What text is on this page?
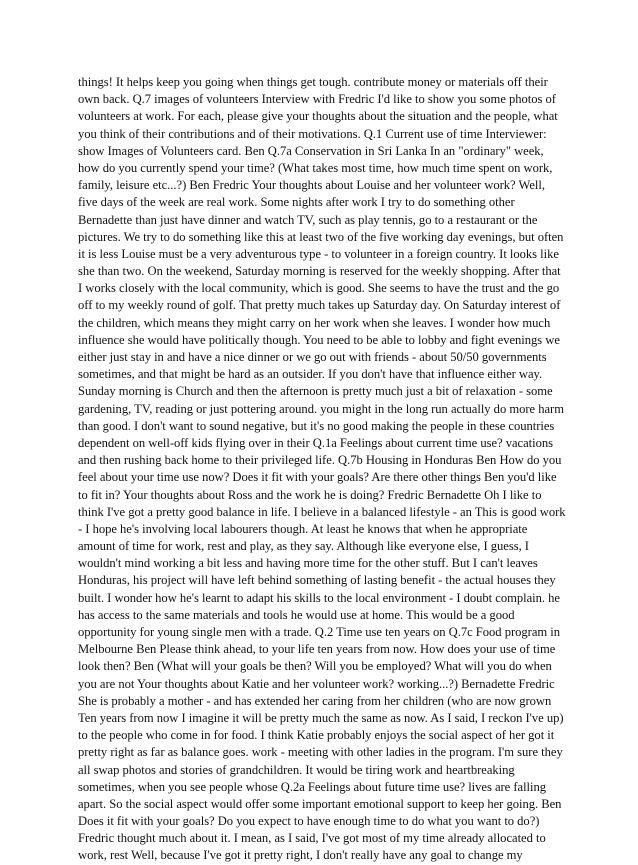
things! It helps keep you going when things get tough. contribute money or materials off their
own back. Q.7 images of volunteers Interview with Fredric I'd like to show you some photos of
volunteers at work. For each, please give your thoughts about the situation and the people, what
you think of their contributions and of their motivations. Q.1 Current use of time Interviewer:
show Images of Volunteers card. Ben Q.7a Conservation in Sri Lanka In an "ordinary" week,
how do you currently spend your time? (What takes most time, how much time spent on work,
family, leisure etc...?) Ben Fredric Your thoughts about Louise and her volunteer work? Well,
five days of the week are real work. Some nights after work I try to do something other
Bernadette than just have dinner and watch TV, such as play tennis, go to a restaurant or the
pictures. We try to do something like this at least two of the five working day evenings, but often
it is less Louise must be a very adventurous type - to volunteer in a foreign country. It looks like
she than two. On the weekend, Saturday morning is reserved for the weekly shopping. After that
I works closely with the local community, which is good. She seems to have the trust and the go
off to my weekly round of golf. That pretty much takes up Saturday day. On Saturday interest of
the children, which means they might carry on her work when she leaves. I wonder how much
influence she would have politically though. You need to be able to lobby and fight evenings we
either just stay in and have a nice dinner or we go out with friends - about 50/50 governments
sometimes, and that might be hard as an outsider. If you don't have that influence either way.
Sunday morning is Church and then the afternoon is pretty much just a bit of relaxation - some
gardening, TV, reading or just pottering around. you might in the long run actually do more harm
than good. I don't want to sound negative, but it's no good making the people in these countries
dependent on well-off kids flying over in their Q.1a Feelings about current time use? vacations
and then rushing back home to their privileged life. Q.7b Housing in Honduras Ben How do you
feel about your time use now? Does it fit with your goals? Are there other things Ben you'd like
to fit in? Your thoughts about Ross and the work he is doing? Fredric Bernadette Oh I like to
think I've got a pretty good balance in life. I believe in a balanced lifestyle - an This is good work
- I hope he's involving local labourers though. At least he knows that when he appropriate
amount of time for work, rest and play, as they say. Although like everyone else, I guess, I
wouldn't mind working a bit less and having more time for the other stuff. But I can't leaves
Honduras, his project will have left behind something of lasting benefit - the actual houses they
built. I wonder how he's learnt to adapt his skills to the local environment - I doubt complain. he
has access to the same materials and tools he would use at home. This would be a good
opportunity for young single men with a trade. Q.2 Time use ten years on Q.7c Food program in
Melbourne Ben Please think ahead, to your life ten years from now. How does your use of time
look then? Ben (What will your goals be then? Will you be employed? What will you do when
you are not Your thoughts about Katie and her volunteer work? working...?) Bernadette Fredric
She is probably a mother - and has extended her caring from her children (who are now grown
Ten years from now I imagine it will be pretty much the same as now. As I said, I reckon I've up)
to the people who come in for food. I think Katie probably enjoys the social aspect of her got it
pretty right as far as balance goes. work - meeting with other ladies in the program. I'm sure they
all swap photos and stories of grandchildren. It would be tiring work and heartbreaking
sometimes, when you see people whose Q.2a Feelings about future time use? lives are falling
apart. So the social aspect would offer some important emotional support to keep her going. Ben
Does it fit with your goals? Do you expect to have enough time to do what you want to do?)
Fredric thought much about it. I mean, as I said, I've got most of my time already allocated to
work, rest Well, because I've got it pretty right, I don't really have any goal to change my
